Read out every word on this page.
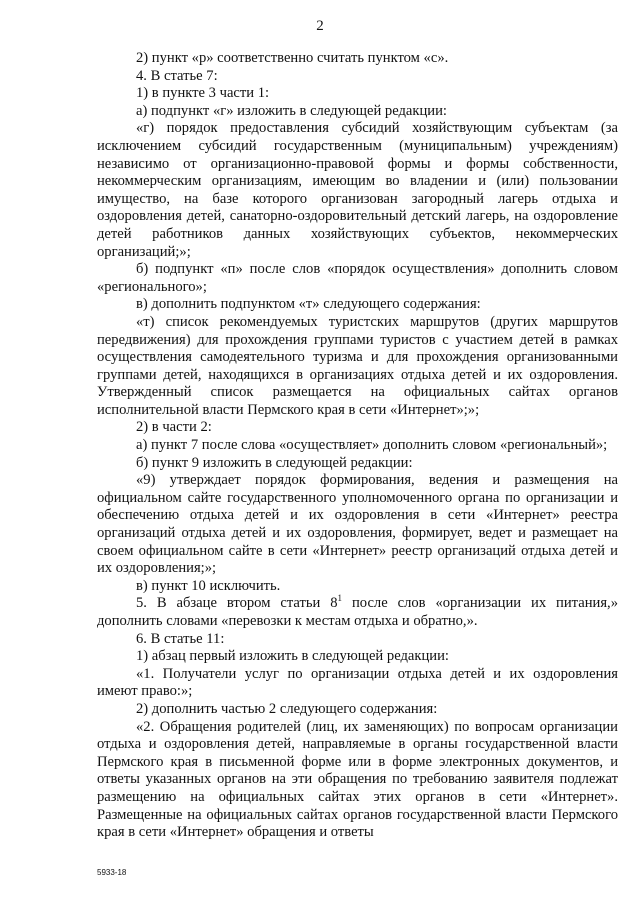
2

2) пункт «р» соответственно считать пунктом «с».

4. В статье 7:

1) в пункте 3 части 1:

а) подпункт «г» изложить в следующей редакции:

«г) порядок предоставления субсидий хозяйствующим субъектам (за исключением субсидий государственным (муниципальным) учреждениям) независимо от организационно-правовой формы и формы собственности, некоммерческим организациям, имеющим во владении и (или) пользовании имущество, на базе которого организован загородный лагерь отдыха и оздоровления детей, санаторно-оздоровительный детский лагерь, на оздоровление детей работников данных хозяйствующих субъектов, некоммерческих организаций;»;

б) подпункт «п» после слов «порядок осуществления» дополнить словом «регионального»;

в) дополнить подпунктом «т» следующего содержания:

«т) список рекомендуемых туристских маршрутов (других маршрутов передвижения) для прохождения группами туристов с участием детей в рамках осуществления самодеятельного туризма и для прохождения организованными группами детей, находящихся в организациях отдыха детей и их оздоровления. Утвержденный список размещается на официальных сайтах органов исполнительной власти Пермского края в сети «Интернет»;»;

2) в части 2:

а) пункт 7 после слова «осуществляет» дополнить словом «региональный»;

б) пункт 9 изложить в следующей редакции:

«9) утверждает порядок формирования, ведения и размещения на официальном сайте государственного уполномоченного органа по организации и обеспечению отдыха детей и их оздоровления в сети «Интернет» реестра организаций отдыха детей и их оздоровления, формирует, ведет и размещает на своем официальном сайте в сети «Интернет» реестр организаций отдыха детей и их оздоровления;»;

в) пункт 10 исключить.

5. В абзаце втором статьи $8^1$ после слов «организации их питания,» дополнить словами «перевозки к местам отдыха и обратно,».

6. В статье 11:

1) абзац первый изложить в следующей редакции:

«1. Получатели услуг по организации отдыха детей и их оздоровления имеют право:»;

2) дополнить частью 2 следующего содержания:

«2. Обращения родителей (лиц, их заменяющих) по вопросам организации отдыха и оздоровления детей, направляемые в органы государственной власти Пермского края в письменной форме или в форме электронных документов, и ответы указанных органов на эти обращения по требованию заявителя подлежат размещению на официальных сайтах этих органов в сети «Интернет». Размещенные на официальных сайтах органов государственной власти Пермского края в сети «Интернет» обращения и ответы

5933-18
